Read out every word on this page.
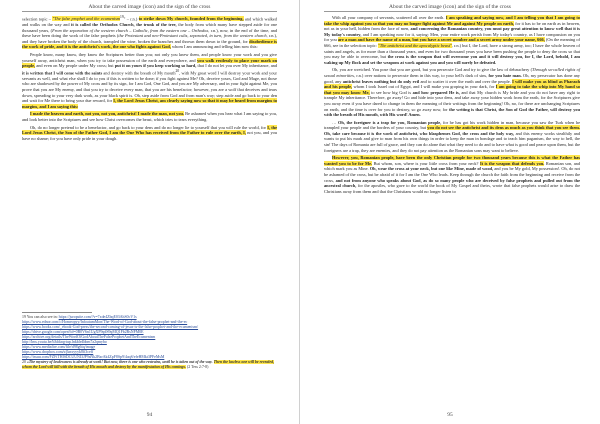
About the carved image (icon) and the sign of the cross

selection topic – "The false prophet and the ecumenism$^{19}$" – r.n.) to strike down My church, founded from the beginning, and which walked and walks on the way and it is called the Orthodox Church, the trunk of the tree, the body from which many have stepped aside for one thousand years, (From the separation of the western church – Catholic, from the eastern one – Orthodox, r.n.), now, in the end of the time, and these have been doing the work of the false prophets (the Protestant and neo-Protestant cults, separated, in turn, from the western church, r.n.), and they have broken the body of the church, trampled the wine, broken the branches and thrown them down to the ground, for disobedience is the work of pride, and it is the antichrist's work, the one who fights against God, whom I am announcing and telling him now this:

People know, many know, they know the Scriptures better than you; not only you knew them, and people know your work and you give yourself away, antichrist man, when you try to take possession of the earth and everywhere, and you walk restlessly to place your mark on people, and even on My people under My cross; but put it on yours if you keep working so hard, that I do not let you over My inheritance, and it is written that I will come with the saints and destroy with the breath of My mouth$^{20}$, with My great word I will destroy your work and your servants as well, and what else shall I do to you if this is written to be done; if you fight against Me? Oh, deceive yours, God and Mage, not those who are shadowed by the power of My cross and by its sign, for I am God, One God, and you are My adversary, and in your fight against Me, you prove that you are My enemy, and that you try to deceive every man, that you are his benefactor; however, you are a wolf that deceives and tears down, spreading to your very dark work, as your black spirit is. Oh, step aside from God and from man's way; step aside and go back to your den and wait for Me there to bring your due reward, for I, the Lord Jesus Christ, am clearly saying now so that it may be heard from margins to margins, and I am saying this:

I made the heaven and earth, not you, not you, antichrist! I made the man, not you. Be ashamed when you hear what I am saying to you, and look better into the Scriptures and see how Christ overcomes the beast, which tries to tears everything.

Oh, do no longer pretend to be a benefactor, and go back to your dens and do no longer lie to yourself that you will rule the world, for I, the Lord Jesus Christ, the Son of the Father God, I am the One Who has received from the Father to rule over the earth, I, not you, and you have no shame; for you have only pride in your dough.

19 You can also see in: https://juropsite.com/?v=7xde4ZbqE03AhS0cV1s
https://www.ednor.com/c/Homeopyy/InfoatumMon/The-Word-of-God-about-the-false-prophet-and-the-ec
https://www.books.com/_ebook-God-press/the-second-coming-of-jesus-is-the-false-prophet-and-the-ecumenism/
https://drive.google.com/open?id=0B0V6n1UgXF9qdS9qMQ1Fb2RsNFM0E
https://archive.org/details/TheWordOfGodAboutTheFalseProphetAndTheEcumenism
http://lms.youtu.be/b3ddaqytup.lnkble4bbm7a2qmybo
https://www.mediafire.com/file/d98g6tq/image
https://www.dropbox.com/s/jknxyyyk8fi3ceff
https://issuu.com/FZFiTHISDCUUNI3JP9aNk2BzrAk4ZpF8Sp9/4aqS/efeHMkt3PFeMsM
20 «The mystery of lawlessness is already at work! But now, there is one who restrains, until he is taken out of the way. Then the lawless one will be revealed, whom the Lord will kill with the breath of His mouth and destroy by the manifestation of His comings. (2 Tess 2:7-8)
94
About the carved image (icon) and the sign of the cross

With all your company of servants, scattered all over the earth. I am speaking and saying now, and I am telling you that I am going to take the whip against you so that you may no longer fight against Me and against My people on earth, for it has to be on earth as in heaven, not as in your hell, hidden from the face of men, and concerning the Romanian country, you must pay great attention to know well that it is My today's country, and I am speaking now for it, saying: Men, your entire work perish from My today's country, as I have compassion on you for you are a man and have the name of a man, but you have a secret number and a secret army under your name, 666, (On the meaning of 666, see in the selection topic: "The antichrist and the apocalyptic beast", r.n.) but I, the Lord, have a strong army, too; I have the whole heaven of saints and angels, as for more than a thousand years, and even for two thousand years you have been pushing the people to deny the cross so that you may be able to overcome, but the cross is the weapon that will overcome you and it will destroy you, for I, the Lord, behold, I am waking up My flock and set the weapons at work against you and you will surely be defeated.

Oh, you are wretched. You pose that you are good, but you persecute God and try to give the law of debauchery (Through so-called rights of sexual minorities, r.n.) over nations to persecute them in this way, to your hell's dark of sins, for you hate man. Oh, my persecutor has done any good, any antichrist leaves nothing but do only evil and to scatter it over the earth and over the people. I will make you as blind as Pharaoh and his people, whom I took Israel out of Egypt, and I will make you groping in your dark, for I am going to take the whip into My hand so that you may know Me, to see how big God is and how prepared He is, and that My church is My bride and you do not have any right to trample My inheritance. Therefore, go away! Go and hide into your dens, and take away your hidden work from the earth, for the Scriptures give you away even if you have dared to change in them the meaning of their writings from the beginning! Oh, no, for there are unchanging Scriptures on earth, and the time is over for you to destroy, so go away now, for the writing is that Christ, the Son of God the Father, will destroy you with the breath of His mouth, with His word! Amen.

… Oh, the foreigner is a trap for you, Romanian people, for he has got his work hidden in man, because you saw the Turk when he trampled your people and the borders of your country, but you do not see the antichrist and its dens as much as you think that you see them. Oh, take care because it is the work of antichrist, who blasphemes God, the cross and the holy way, and this enemy works stealthily and wants to put his mark and give to man from his own things in order to keep the man in bondage and to teach him paganism, the way to hell, the sin! The days of Romania are full of grace, and they can do alone that what they need to do and to have what is good and peace upon them, but the foreigners are a trap, they are enemies, and they do not pay attention as the Romanian sons may want to believe.

However, you, Romanian people, have been the only Christian people for two thousand years because this is what the Father has wanted you to be for Me. But whom, son, where is your little cross from your neck? It is the weapon that defends you. Romanian son, and which mark you as Mine. Oh, wear the cross at your neck, but one like Mine, made of wood, and you be My gold, My possession!. Oh, do not be ashamed of the cross, but be afraid of it for I am the One Who leads. Keep through the church the faith from the beginning and receive from the cross, and not from anyone who speaks about God, as do so many people who are deceived by false prophets and pulled out from the ancestral church, for the apostles, who gave to the world the book of My Gospel and theirs, wrote that false prophets would arise to draw the Christians away from them and that the Christians would no longer listen to

95
